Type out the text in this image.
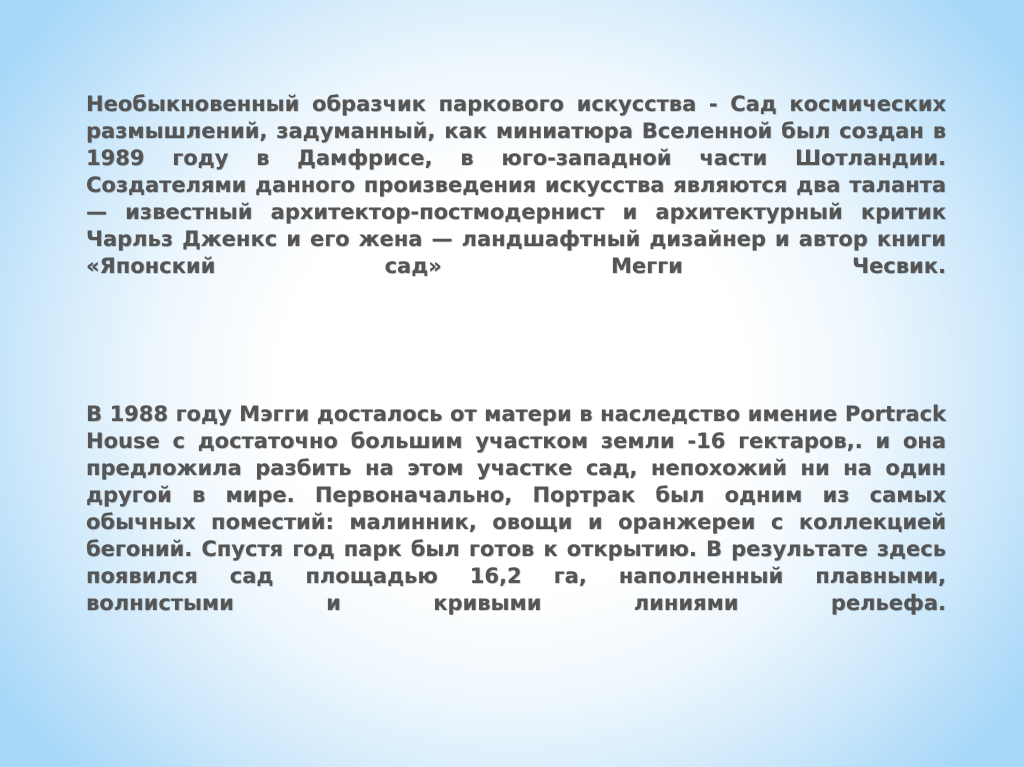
Необыкновенный образчик паркового искусства - Сад космических размышлений, задуманный, как миниатюра Вселенной был создан в 1989 году в Дамфрисе, в юго-западной части Шотландии. Создателями данного произведения искусства являются два таланта — известный архитектор-постмодернист и архитектурный критик Чарльз Дженкс и его жена — ландшафтный дизайнер и автор книги «Японский сад» Мегги Чесвик.
В 1988 году Мэгги досталось от матери в наследство имение Portrack House с достаточно большим участком земли -16 гектаров,. и она предложила разбить на этом участке сад, непохожий ни на один другой в мире. Первоначально, Портрак был одним из самых обычных поместий: малинник, овощи и оранжереи с коллекцией бегоний. Спустя год парк был готов к открытию. В результате здесь появился сад площадью 16,2 га, наполненный плавными, волнистыми и кривыми линиями рельефа.
